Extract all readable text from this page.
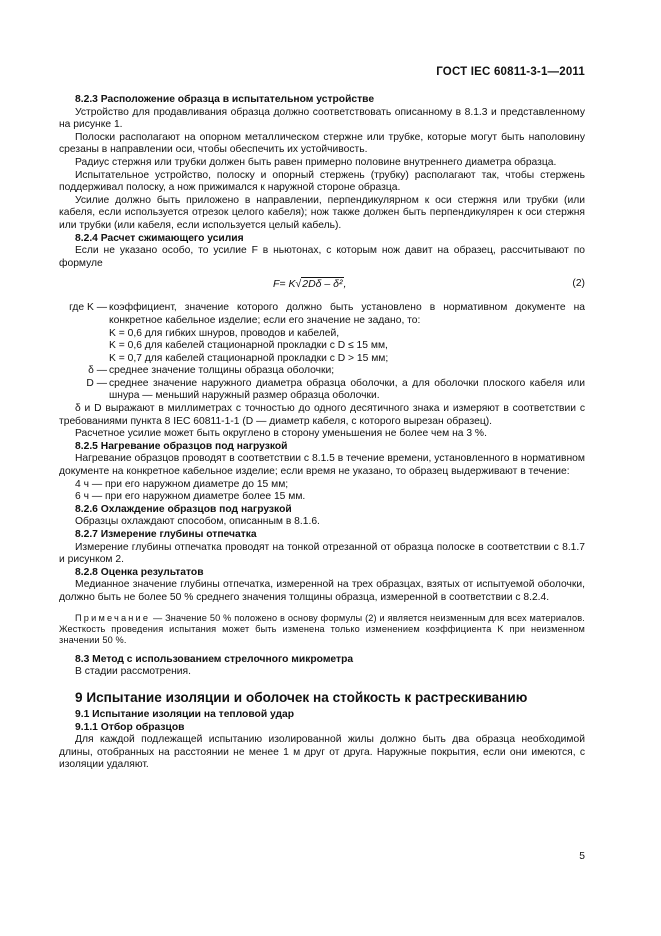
ГОСТ IEC 60811-3-1—2011

8.2.3 Расположение образца в испытательном устройстве

Устройство для продавливания образца должно соответствовать описанному в 8.1.3 и представленному на рисунке 1.

Полоски располагают на опорном металлическом стержне или трубке, которые могут быть наполовину срезаны в направлении оси, чтобы обеспечить их устойчивость.

Радиус стержня или трубки должен быть равен примерно половине внутреннего диаметра образца.

Испытательное устройство, полоску и опорный стержень (трубку) располагают так, чтобы стержень поддерживал полоску, а нож прижимался к наружной стороне образца.

Усилие должно быть приложено в направлении, перпендикулярном к оси стержня или трубки (или кабеля, если используется отрезок целого кабеля); нож также должен быть перпендикулярен к оси стержня или трубки (или кабеля, если используется целый кабель).

8.2.4 Расчет сжимающего усилия

Если не указано особо, то усилие F в ньютонах, с которым нож давит на образец, рассчитывают по формуле

F= K√2Dδ – δ²,	(2)
где K — коэффициент, значение которого должно быть установлено в нормативном документе на конкретное кабельное изделие; если его значение не задано, то:
K = 0,6 для гибких шнуров, проводов и кабелей,
K = 0,6 для кабелей стационарной прокладки с D ≤ 15 мм,
K = 0,7 для кабелей стационарной прокладки с D > 15 мм;
δ — среднее значение толщины образца оболочки;
D — среднее значение наружного диаметра образца оболочки, а для оболочки плоского кабеля или шнура — меньший наружный размер образца оболочки.

δ и D выражают в миллиметрах с точностью до одного десятичного знака и измеряют в соответствии с требованиями пункта 8 IEC 60811-1-1 (D — диаметр кабеля, с которого вырезан образец).

Расчетное усилие может быть округлено в сторону уменьшения не более чем на 3 %.

8.2.5 Нагревание образцов под нагрузкой

Нагревание образцов проводят в соответствии с 8.1.5 в течение времени, установленного в нормативном документе на конкретное кабельное изделие; если время не указано, то образец выдерживают в течение:

4 ч — при его наружном диаметре до 15 мм;

6 ч — при его наружном диаметре более 15 мм.

8.2.6 Охлаждение образцов под нагрузкой

Образцы охлаждают способом, описанным в 8.1.6.

8.2.7 Измерение глубины отпечатка

Измерение глубины отпечатка проводят на тонкой отрезанной от образца полоске в соответствии с 8.1.7 и рисунком 2.

8.2.8 Оценка результатов

Медианное значение глубины отпечатка, измеренной на трех образцах, взятых от испытуемой оболочки, должно быть не более 50 % среднего значения толщины образца, измеренной в соответствии с 8.2.4.

Примечание — Значение 50 % положено в основу формулы (2) и является неизменным для всех материалов. Жесткость проведения испытания может быть изменена только изменением коэффициента K при неизменном значении 50 %.

8.3 Метод с использованием стрелочного микрометра

В стадии рассмотрения.

9 Испытание изоляции и оболочек на стойкость к растрескиванию

9.1 Испытание изоляции на тепловой удар

9.1.1 Отбор образцов

Для каждой подлежащей испытанию изолированной жилы должно быть два образца необходимой длины, отобранных на расстоянии не менее 1 м друг от друга. Наружные покрытия, если они имеются, с изоляции удаляют.

5
